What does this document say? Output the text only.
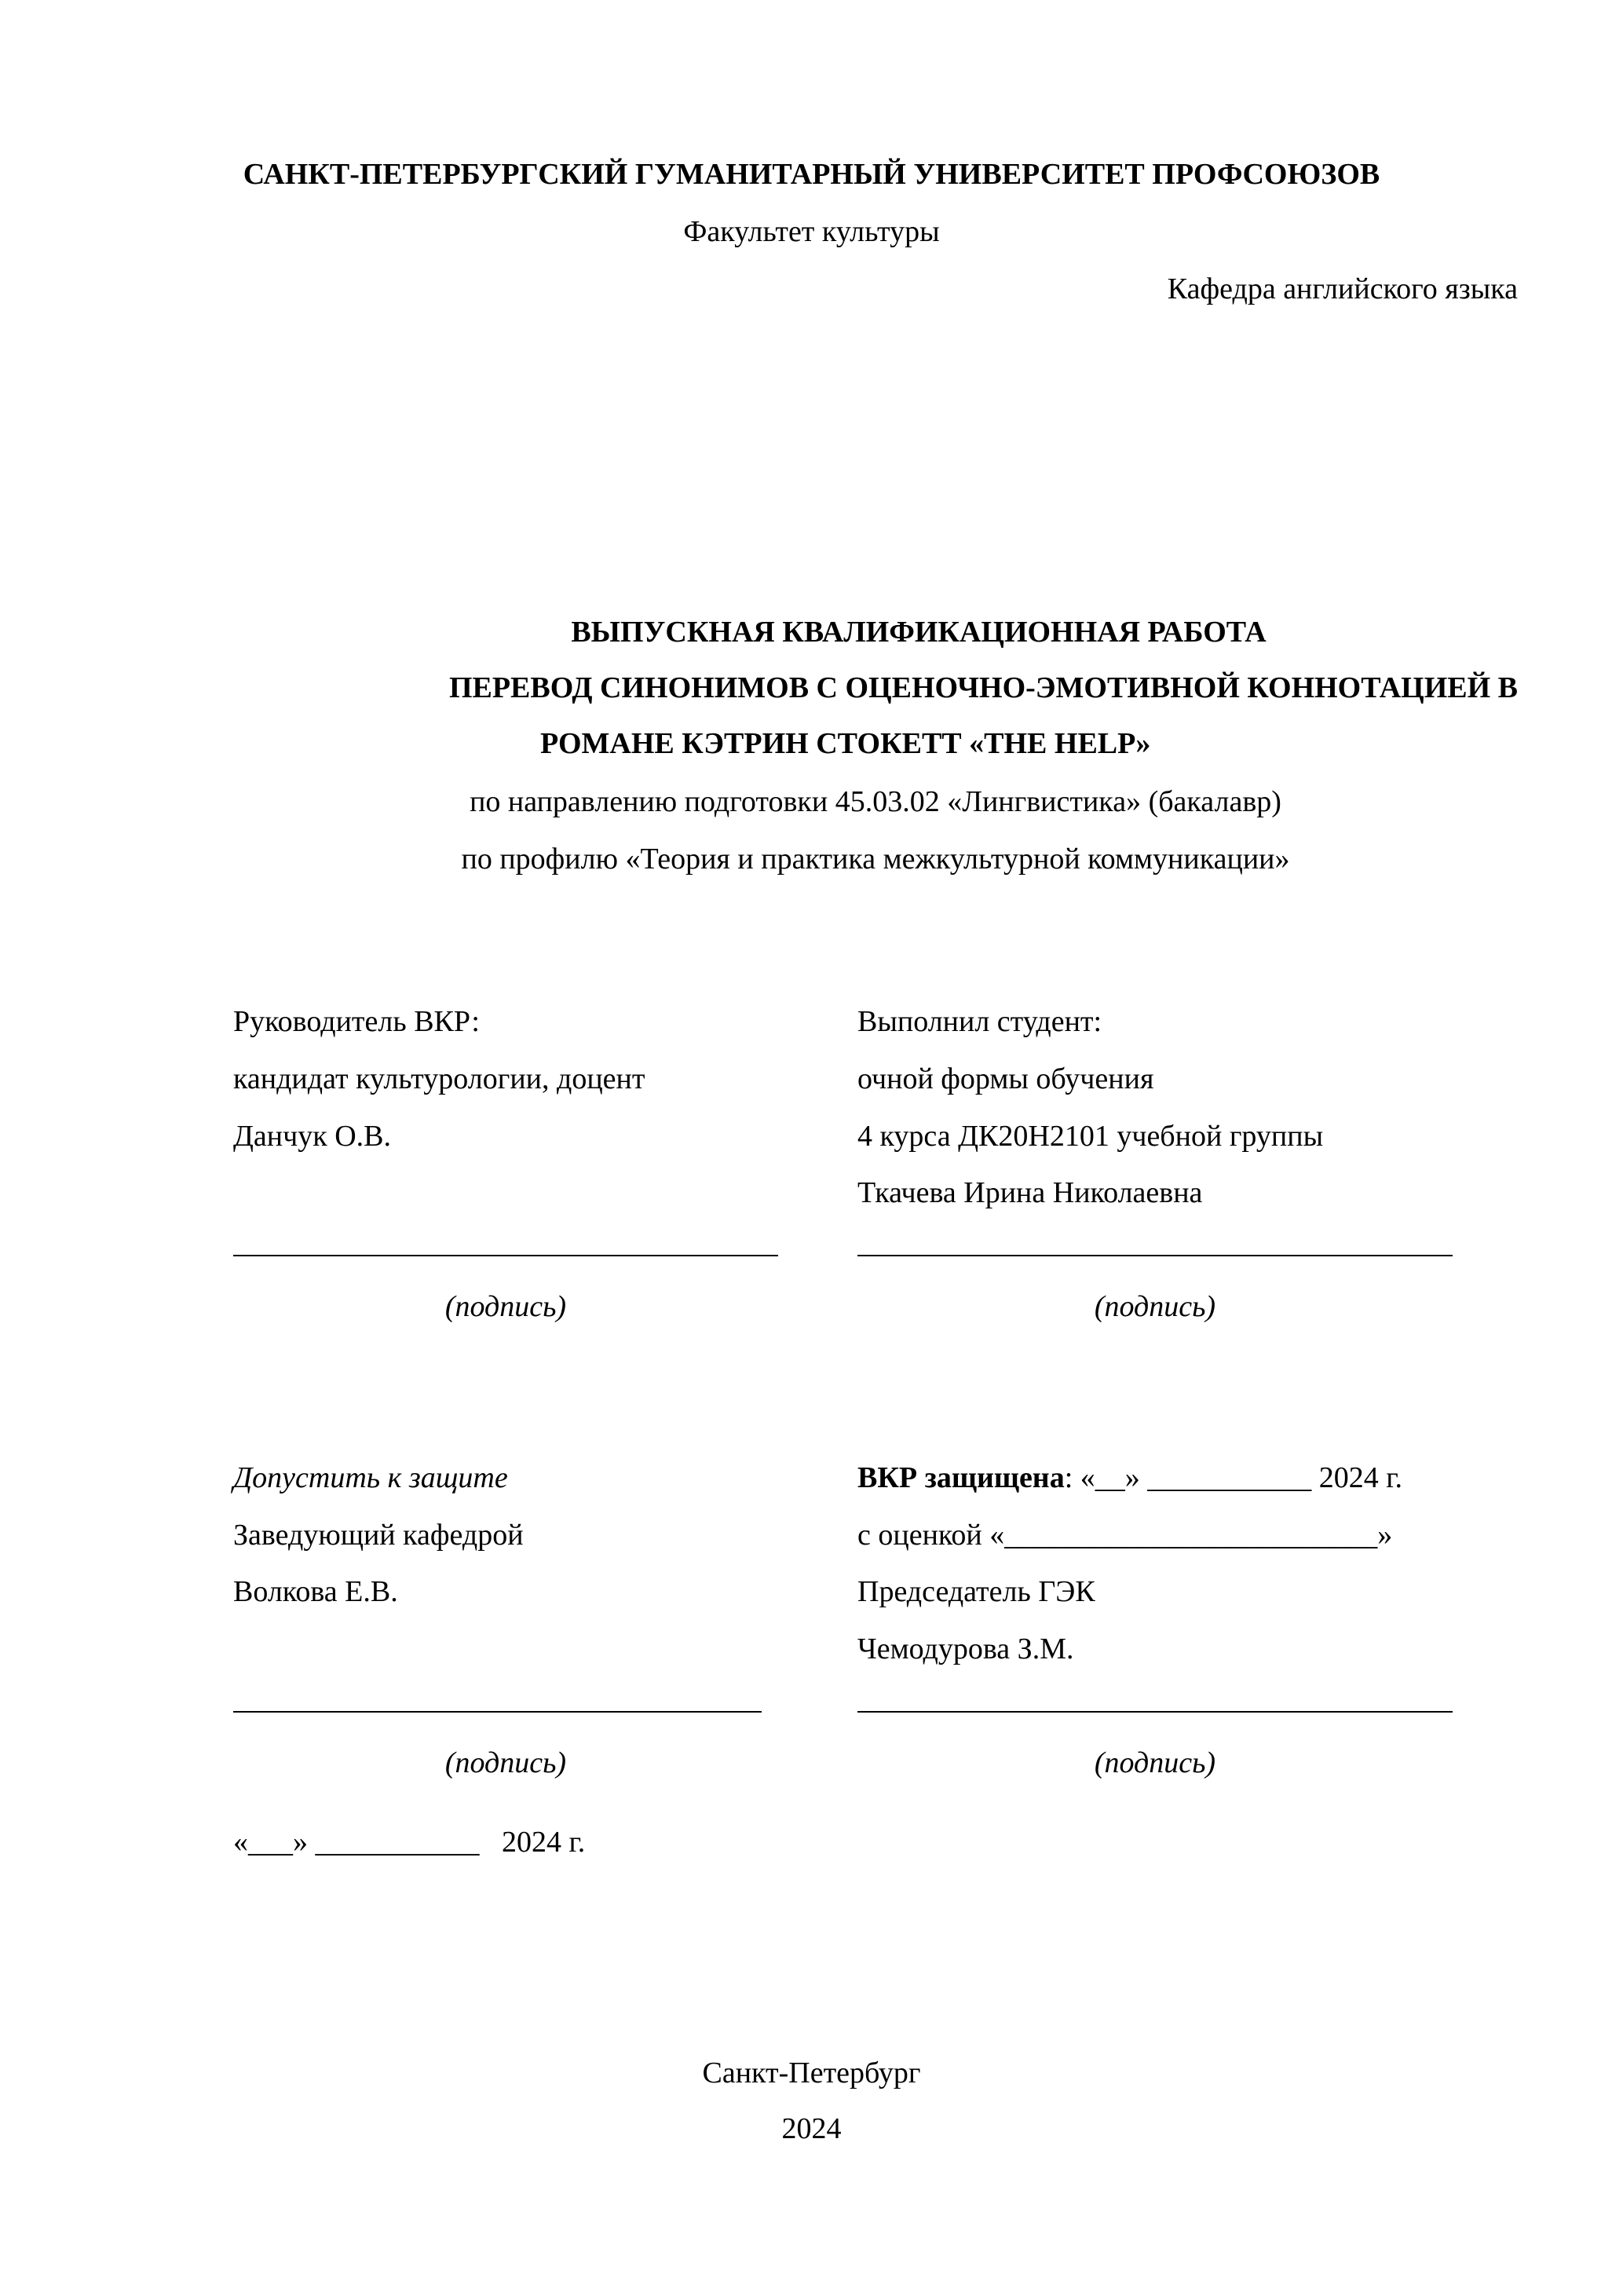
САНКТ-ПЕТЕРБУРГСКИЙ ГУМАНИТАРНЫЙ УНИВЕРСИТЕТ ПРОФСОЮЗОВ
Факультет культуры
Кафедра английского языка
ВЫПУСКНАЯ КВАЛИФИКАЦИОННАЯ РАБОТА
ПЕРЕВОД СИНОНИМОВ С ОЦЕНОЧНО-ЭМОТИВНОЙ КОННОТАЦИЕЙ В
РОМАНЕ КЭТРИН СТОКЕТТ «THE HELP»
по направлению подготовки 45.03.02 «Лингвистика» (бакалавр)
по профилю «Теория и практика межкультурной коммуникации»
Руководитель ВКР:
кандидат культурологии, доцент
Данчук О.В.
(подпись)
Выполнил студент:
очной формы обучения
4 курса ДК20Н2101 учебной группы
Ткачева Ирина Николаевна
(подпись)
Допустить к защите
Заведующий кафедрой
Волкова Е.В.
(подпись)
«___» ___________   2024 г.
ВКР защищена: «__» ___________ 2024 г.
с оценкой «_________________________»
Председатель ГЭК
Чемодурова З.М.
(подпись)
Санкт-Петербург
2024
